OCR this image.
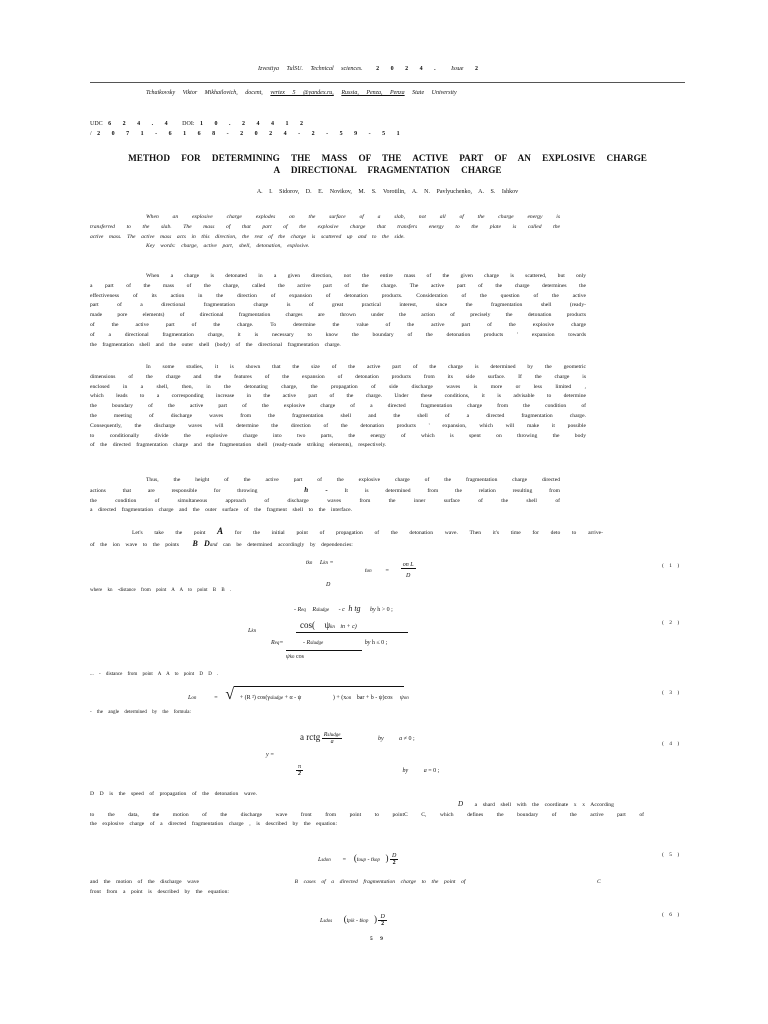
Izvestiya TulSU. Technical sciences. 2 0 2 4 . Issue 2
Tchaikovsky Viktor Mikhailovich, docent, vertex 5 @yandex.ru, Russia, Penza, Penza State University
UDC 6 2 4 . 4 DOI: 1 0 . 2 4 4 1 2
/ 2 0 7 1 - 6 1 6 8 - 2 0 2 4 - 2 - 5 9 - 5 1
METHOD FOR DETERMINING THE MASS OF THE ACTIVE PART OF AN EXPLOSIVE CHARGE
A DIRECTIONAL FRAGMENTATION CHARGE
A. I. Sidorov, D. E. Novikov, M. S. Vorotilin, A. N. Pavlyuchenko, A. S. Ishkov
When an explosive charge explodes on the surface of a slab, not all of the charge energy is
transferred to the slab. The mass of that part of the explosive charge that transfers energy to the plate is called the
active mass. The active mass acts in this direction, the rest of the charge is scattered up and to the side.
Key words: charge, active part, shell, detonation, explosive.
When a charge is detonated in a given direction, not the entire mass of the given charge is scattered, but only
a part of the mass of the charge, called the active part of the charge. The active part of the charge determines the
effectiveness of its action in the direction of expansion of detonation products. Consideration of the question of the active
part of a directional fragmentation charge is of great practical interest, since the fragmentation shell (ready-
made pore elements) of directional fragmentation charges are thrown under the action of precisely the detonation products
of the active part of the charge. To determine the value of the active part of the explosive charge
of a directional fragmentation charge, it is necessary to know the boundary of the detonation products ' expansion towards
the fragmentation shell and the outer shell (body) of the directional fragmentation charge.
In some studies, it is shown that the size of the active part of the charge is determined by the geometric
dimensions of the charge and the features of the expansion of detonation products from its side surface. If the charge is
enclosed in a shell, then, in the detonating charge, the propagation of side discharge waves is more or less limited ,
which leads to a corresponding increase in the active part of the charge. Under these conditions, it is advisable to determine
the boundary of the active part of the explosive charge of a directed fragmentation charge from the condition of
the meeting of discharge waves from the fragmentation shell and the shell of a directed fragmentation charge.
Consequently, the discharge waves will determine the direction of the detonation products ' expansion, which will make it possible
to conditionally divide the explosive charge into two parts, the energy of which is spent on throwing the body
of the directed fragmentation charge and the fragmentation shell (ready-made striking elements), respectively.
Thus, the height of the active part of the explosive charge of the fragmentation charge directed
actions that are responsible for throwing	h -	It is determined from the relation resulting from
the condition of simultaneous approach of discharge waves from the inner surface of the shell of
a directed fragmentation charge and the outer surface of the fragment shell to the interface.
Let's take the point A for the initial point of propagation of the detonation wave. Then it's time for deto to arrive-
of the ion wave to the points B Dand can be determined accordingly by dependencies:
tkn Lkn =
D
ton = $\frac{\text{on L}}{D}$	( 1 )
where kn -distance from point A A to point B B .
- Req Rsludge - c h tg by h > 0 ;
cos( ψkn in + c)
Lkn
Req=	- Rsludge	by h ≤ 0 ;
ψkn cos
( 2 )
... - distance from point A A to point D D .
Lon	= √ + (R ²) cos(γsludge + α - ψ	) + (xon bar + b - ψ)cos ψon
( 3 )
- the angle determined by the formula:
a rctg $\frac{\text{Rsludge}}{a}$	by	a ≠ 0 ;
y =
$\frac{\pi}{2}$	by	a = 0 ;
( 4 )
D D is the speed of propagation of the detonation wave.
D a shard shell with the coordinate x x According
to the data, the motion of the discharge wave front from point to pointC C, which defines the boundary of the active part of
the explosive charge of a directed fragmentation charge , is described by the equation:
Lsdon = (toup - tkop ) $\frac{D}{2}$	( 5 )
and the motion of the discharge wave	B cases of a directed fragmentation charge to the point of	C
front from a point is described by the equation:
Lsdos (tpik - tkop ) $\frac{D}{2}$	( 6 )
5 9
